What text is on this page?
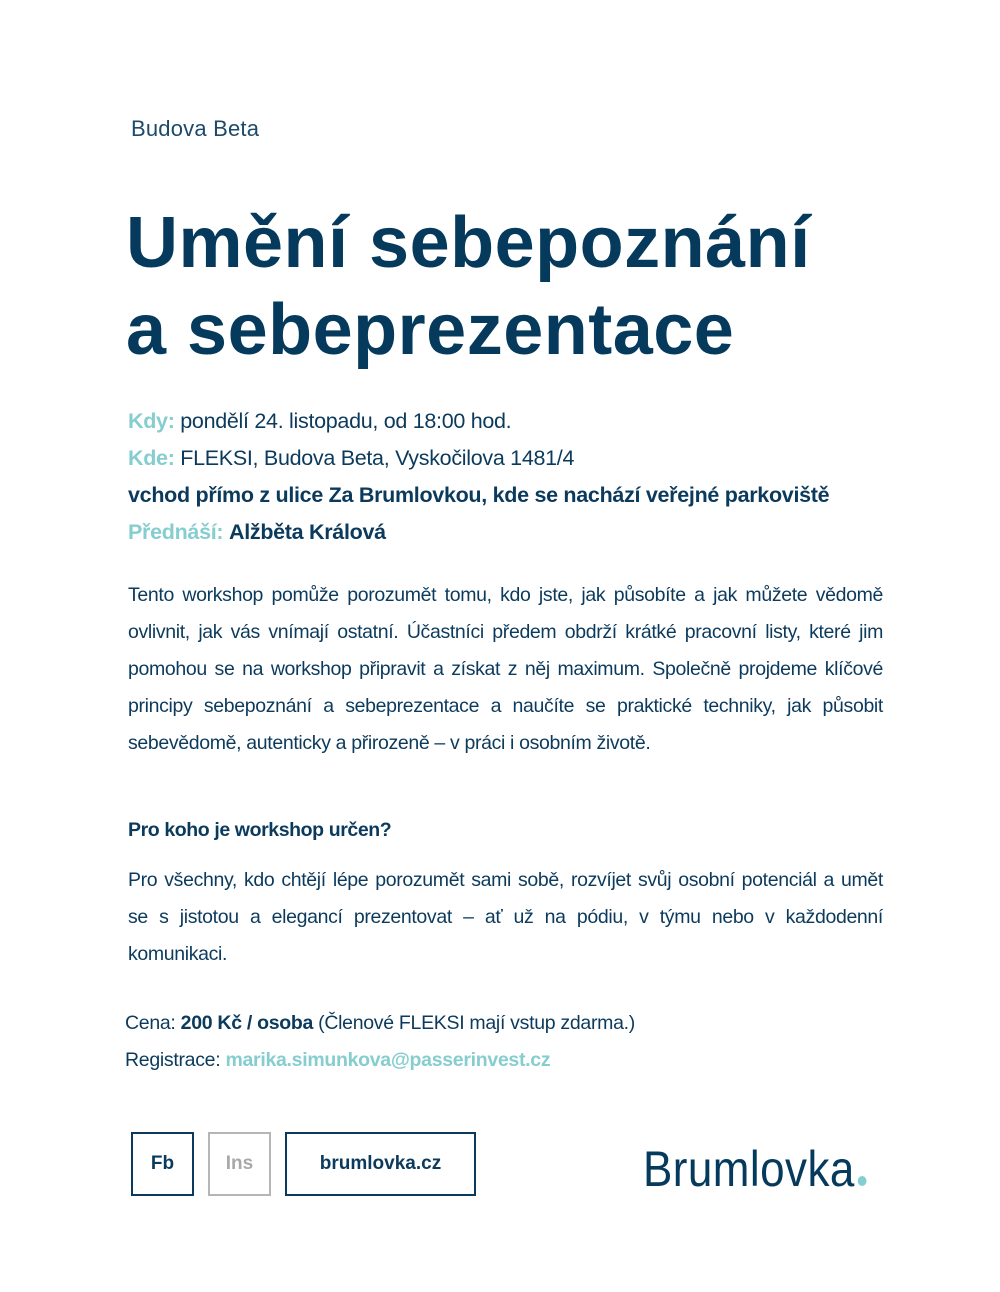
Budova Beta
Umění sebepoznání
a sebeprezentace
Kdy: pondělí 24. listopadu, od 18:00 hod.
Kde: FLEKSI, Budova Beta, Vyskočilova 1481/4
vchod přímo z ulice Za Brumlovkou, kde se nachází veřejné parkoviště
Přednáší: Alžběta Králová

Tento workshop pomůže porozumět tomu, kdo jste, jak působíte a jak můžete vědomě ovlivnit, jak vás vnímají ostatní. Účastníci předem obdrží krátké pracovní listy, které jim pomohou se na workshop připravit a získat z něj maximum. Společně projdeme klíčové principy sebepoznání a sebeprezentace a naučíte se praktické techniky, jak působit sebevědomě, autenticky a přirozeně – v práci i osobním životě.

Pro koho je workshop určen?

Pro všechny, kdo chtějí lépe porozumět sami sobě, rozvíjet svůj osobní potenciál a umět se s jistotou a elegancí prezentovat – ať už na pódiu, v týmu nebo v každodenní komunikaci.

Cena: 200 Kč / osoba (Členové FLEKSI mají vstup zdarma.)
Registrace: marika.simunkova@passerinvest.cz
Fb	Ins	brumlovka.cz	Brumlovka
